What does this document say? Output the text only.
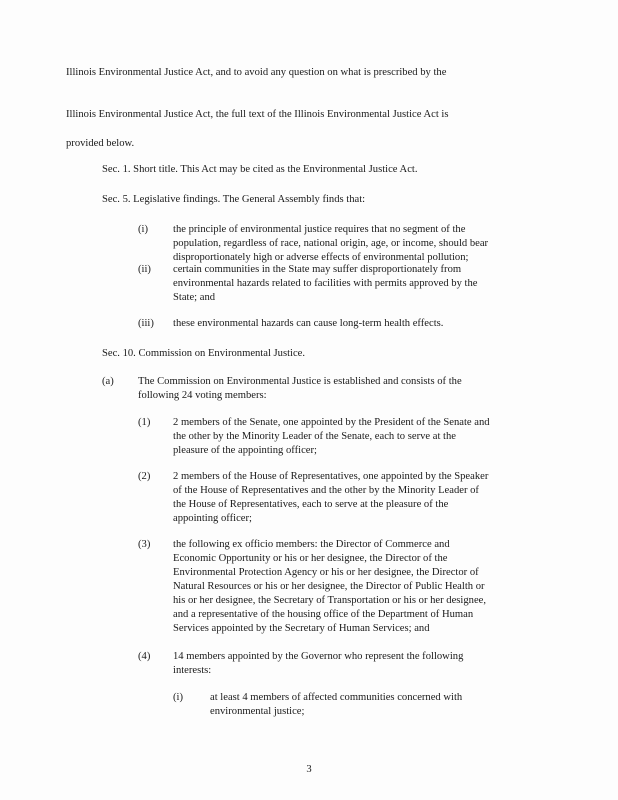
Illinois Environmental Justice Act, and to avoid any question on what is prescribed by the
Illinois Environmental Justice Act, the full text of the Illinois Environmental Justice Act is
provided below.
Sec. 1. Short title. This Act may be cited as the Environmental Justice Act.
Sec. 5. Legislative findings. The General Assembly finds that:
(i) the principle of environmental justice requires that no segment of the
population, regardless of race, national origin, age, or income, should bear
disproportionately high or adverse effects of environmental pollution;
(ii) certain communities in the State may suffer disproportionately from
environmental hazards related to facilities with permits approved by the
State; and
(iii) these environmental hazards can cause long-term health effects.
Sec. 10. Commission on Environmental Justice.
(a) The Commission on Environmental Justice is established and consists of the
following 24 voting members:
(1) 2 members of the Senate, one appointed by the President of the Senate and
the other by the Minority Leader of the Senate, each to serve at the
pleasure of the appointing officer;
(2) 2 members of the House of Representatives, one appointed by the Speaker
of the House of Representatives and the other by the Minority Leader of
the House of Representatives, each to serve at the pleasure of the
appointing officer;
(3) the following ex officio members: the Director of Commerce and
Economic Opportunity or his or her designee, the Director of the
Environmental Protection Agency or his or her designee, the Director of
Natural Resources or his or her designee, the Director of Public Health or
his or her designee, the Secretary of Transportation or his or her designee,
and a representative of the housing office of the Department of Human
Services appointed by the Secretary of Human Services; and
(4) 14 members appointed by the Governor who represent the following
interests:
(i)	at least 4 members of affected communities concerned with
environmental justice;
3
